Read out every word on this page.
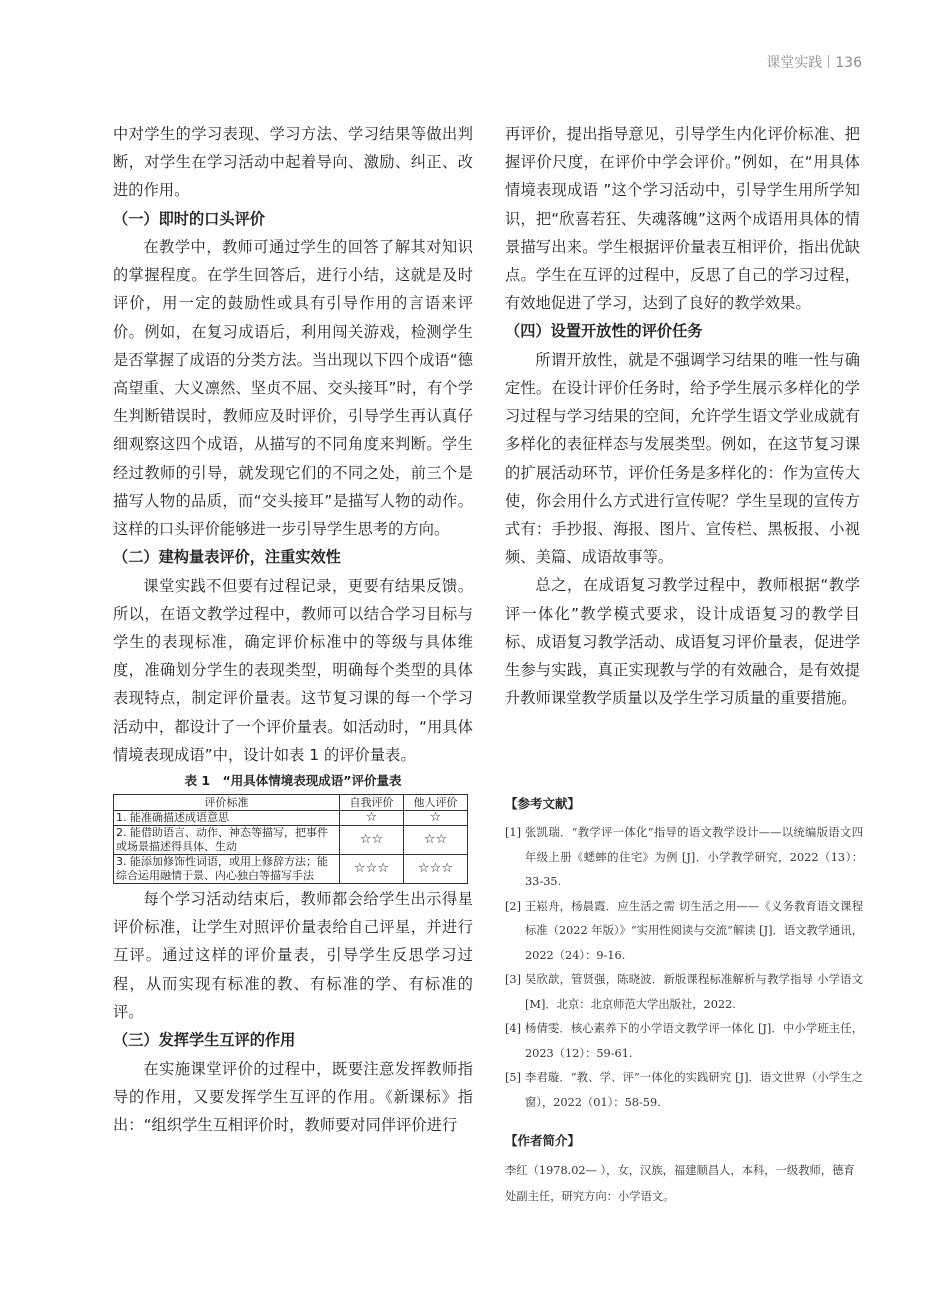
课堂实践 136
中对学生的学习表现、学习方法、学习结果等做出判断，对学生在学习活动中起着导向、激励、纠正、改进的作用。
（一）即时的口头评价
在教学中，教师可通过学生的回答了解其对知识的掌握程度。在学生回答后，进行小结，这就是及时评价，用一定的鼓励性或具有引导作用的言语来评价。例如，在复习成语后，利用闯关游戏，检测学生是否掌握了成语的分类方法。当出现以下四个成语“德高望重、大义凛然、坚贞不屈、交头接耳”时，有个学生判断错误时，教师应及时评价，引导学生再认真仔细观察这四个成语，从描写的不同角度来判断。学生经过教师的引导，就发现它们的不同之处，前三个是描写人物的品质，而“交头接耳”是描写人物的动作。这样的口头评价能够进一步引导学生思考的方向。
（二）建构量表评价，注重实效性
课堂实践不但要有过程记录，更要有结果反馈。所以，在语文教学过程中，教师可以结合学习目标与学生的表现标准，确定评价标准中的等级与具体维度，准确划分学生的表现类型，明确每个类型的具体表现特点，制定评价量表。这节复习课的每一个学习活动中，都设计了一个评价量表。如活动时，“用具体情境表现成语”中，设计如表 1 的评价量表。
表 1　“用具体情境表现成语”评价量表
评价标准	自我评价	他人评价
1. 能准确描述成语意思	☆	☆
2. 能借助语言、动作、神态等描写，把事件或场景描述得具体、生动	☆☆	☆☆
3. 能添加修饰性词语，或用上修辞方法；能综合运用融情于景、内心独白等描写手法	☆☆☆	☆☆☆
每个学习活动结束后，教师都会给学生出示得星评价标准，让学生对照评价量表给自己评星，并进行互评。通过这样的评价量表，引导学生反思学习过程，从而实现有标准的教、有标准的学、有标准的评。
（三）发挥学生互评的作用
在实施课堂评价的过程中，既要注意发挥教师指导的作用，又要发挥学生互评的作用。《新课标》指出：“组织学生互相评价时，教师要对同伴评价进行
再评价，提出指导意见，引导学生内化评价标准、把握评价尺度，在评价中学会评价。”例如，在“用具体情境表现成语 ”这个学习活动中，引导学生用所学知识，把“欣喜若狂、失魂落魄”这两个成语用具体的情景描写出来。学生根据评价量表互相评价，指出优缺点。学生在互评的过程中，反思了自己的学习过程，有效地促进了学习，达到了良好的教学效果。
（四）设置开放性的评价任务
所谓开放性，就是不强调学习结果的唯一性与确定性。在设计评价任务时，给予学生展示多样化的学习过程与学习结果的空间，允许学生语文学业成就有多样化的表征样态与发展类型。例如，在这节复习课的扩展活动环节，评价任务是多样化的：作为宣传大使，你会用什么方式进行宣传呢？学生呈现的宣传方式有：手抄报、海报、图片、宣传栏、黑板报、小视频、美篇、成语故事等。
总之，在成语复习教学过程中，教师根据“教学评一体化”教学模式要求，设计成语复习的教学目标、成语复习教学活动、成语复习评价量表，促进学生参与实践，真正实现教与学的有效融合，是有效提升教师课堂教学质量以及学生学习质量的重要措施。
【参考文献】
[1] 张凯瑞．“教学评一体化”指导的语文教学设计——以统编版语文四年级上册《蟋蟀的住宅》为例 [J]．小学教学研究，2022（13）：33-35.
[2] 王崧舟，杨晨霞．应生活之需 切生活之用——《义务教育语文课程标准（2022 年版）》“实用性阅读与交流”解读 [J]．语文教学通讯，2022（24）：9-16.
[3] 吴欣歆，管贤强，陈晓波．新版课程标准解析与教学指导 小学语文 [M]．北京：北京师范大学出版社，2022.
[4] 杨倩雯．核心素养下的小学语文教学评一体化 [J]．中小学班主任，2023（12）：59-61.
[5] 李君璇．“教、学、评”一体化的实践研究 [J]．语文世界（小学生之窗），2022（01）：58-59.
【作者简介】
李红（1978.02— ），女，汉族，福建顺昌人，本科，一级教师，德育处副主任，研究方向：小学语文。
